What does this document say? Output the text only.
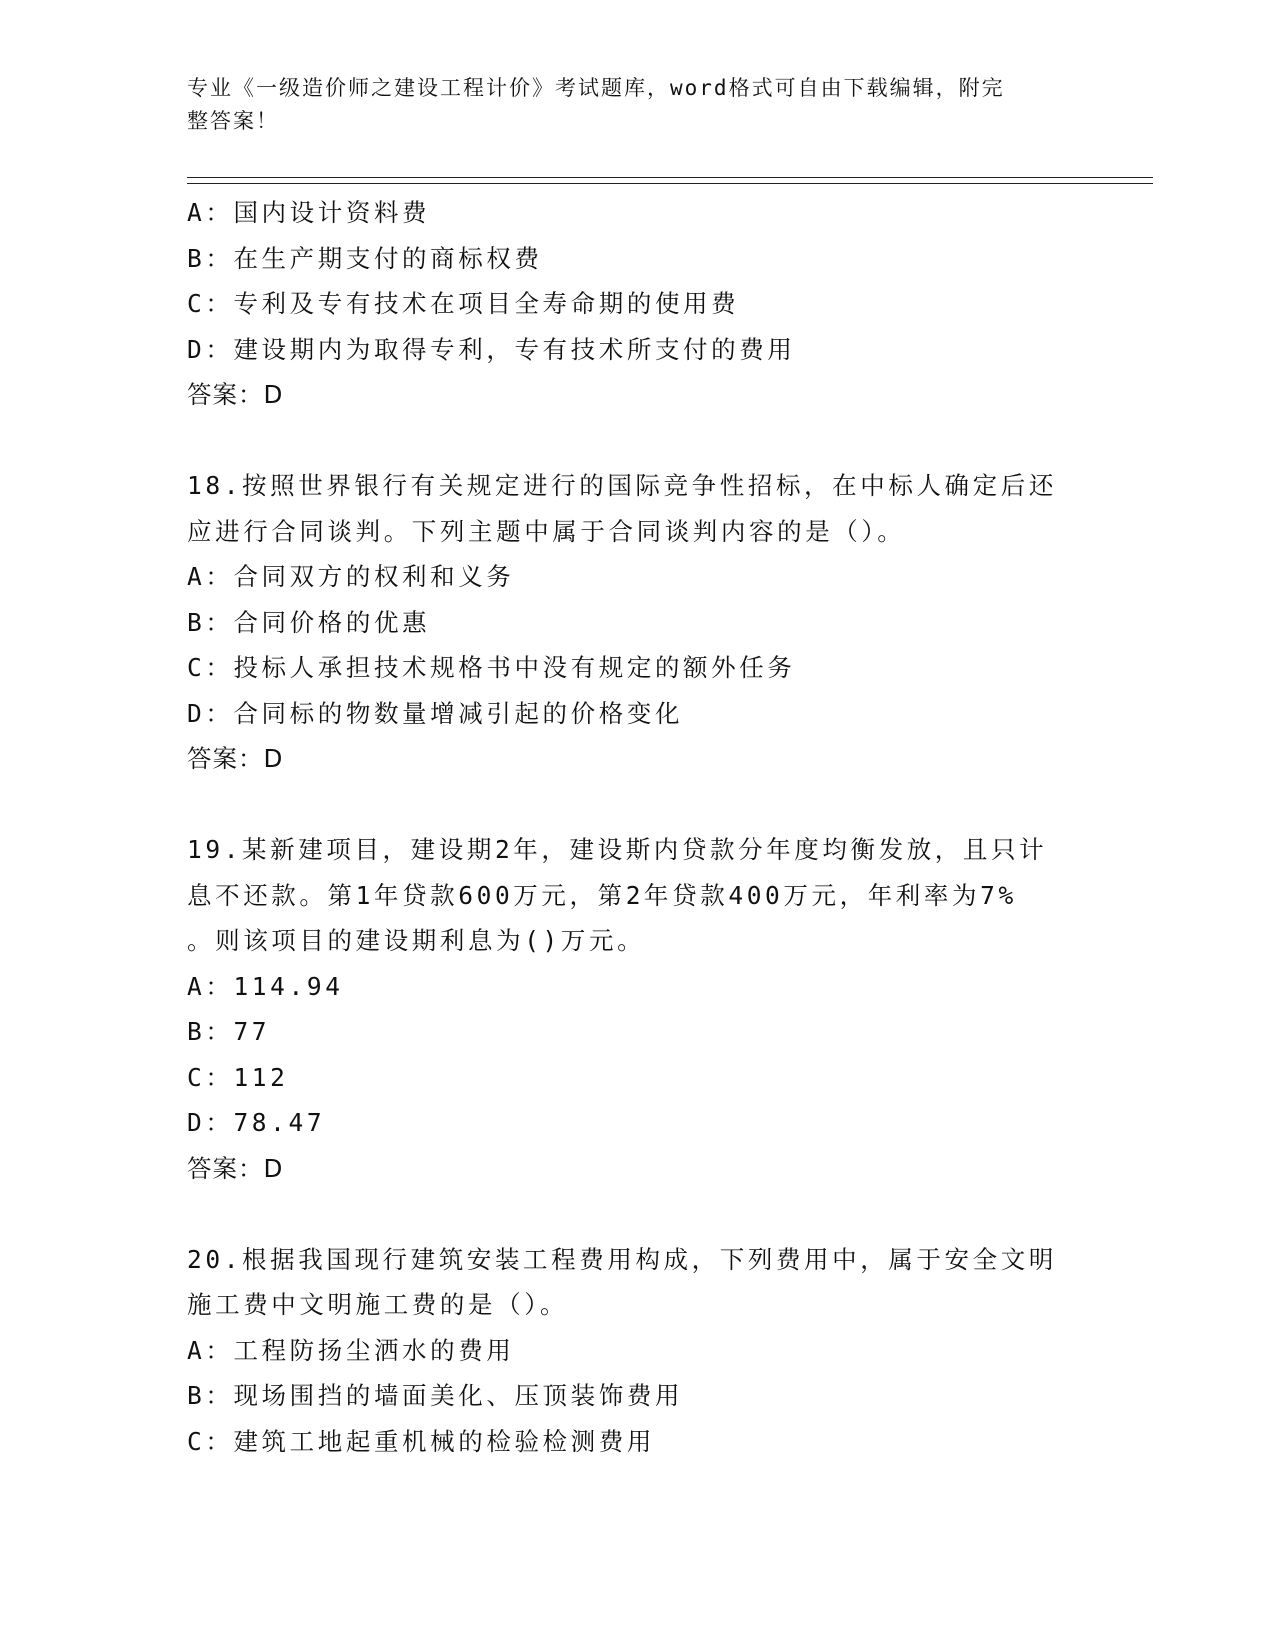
专业《一级造价师之建设工程计价》考试题库，word格式可自由下载编辑，附完
整答案！
A：国内设计资料费
B：在生产期支付的商标权费
C：专利及专有技术在项目全寿命期的使用费
D：建设期内为取得专利，专有技术所支付的费用
答案：D
18.按照世界银行有关规定进行的国际竞争性招标，在中标人确定后还
应进行合同谈判。下列主题中属于合同谈判内容的是（）。
A：合同双方的权利和义务
B：合同价格的优惠
C：投标人承担技术规格书中没有规定的额外任务
D：合同标的物数量增减引起的价格变化
答案：D
19.某新建项目，建设期2年，建设斯内贷款分年度均衡发放，且只计
息不还款。第1年贷款600万元，第2年贷款400万元，年利率为7%
。则该项目的建设期利息为()万元。
A：114.94
B：77
C：112
D：78.47
答案：D
20.根据我国现行建筑安装工程费用构成，下列费用中，属于安全文明
施工费中文明施工费的是（）。
A：工程防扬尘洒水的费用
B：现场围挡的墙面美化、压顶装饰费用
C：建筑工地起重机械的检验检测费用
